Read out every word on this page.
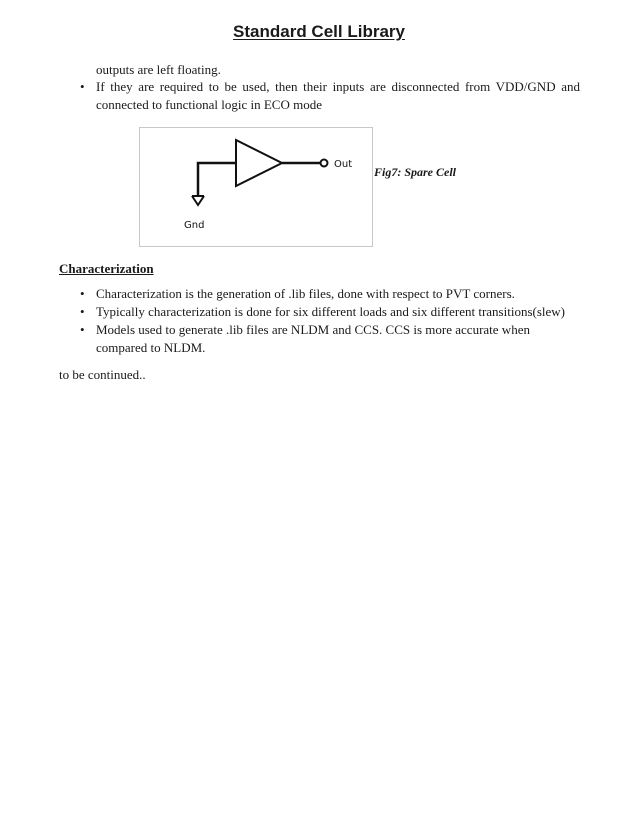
Standard Cell Library
outputs are left floating.
• If they are required to be used, then their inputs are disconnected from VDD/GND and connected to functional logic in ECO mode
Out
Gnd
Fig7: Spare Cell
Characterization
• Characterization is the generation of .lib files, done with respect to PVT corners.
• Typically characterization is done for six different loads and six different transitions(slew)
• Models used to generate .lib files are NLDM and CCS. CCS is more accurate when compared to NLDM.
to be continued..
